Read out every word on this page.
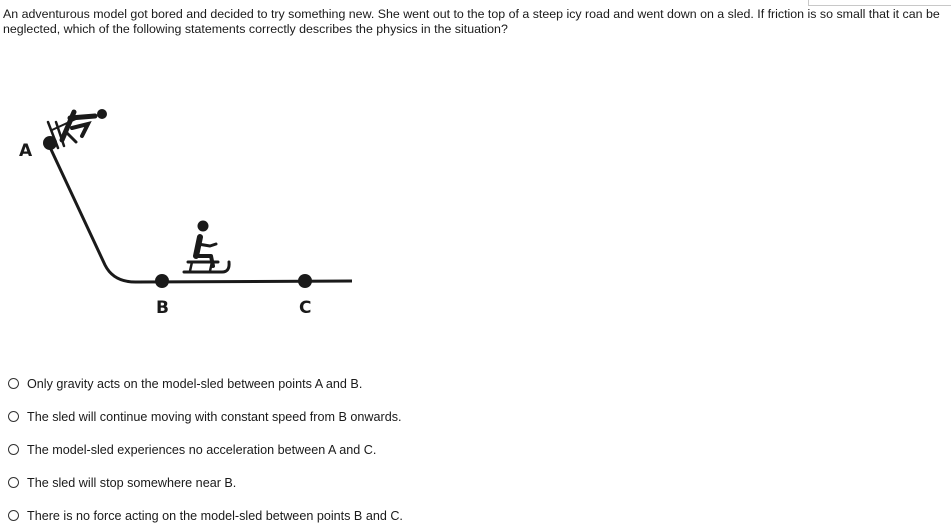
An adventurous model got bored and decided to try something new. She went out to the top of a steep icy road and went down on a sled. If friction is so small that it can be neglected, which of the following statements correctly describes the physics in the situation?
A
B	C
Only gravity acts on the model-sled between points A and B.
The sled will continue moving with constant speed from B onwards.
The model-sled experiences no acceleration between A and C.
The sled will stop somewhere near B.
There is no force acting on the model-sled between points B and C.
